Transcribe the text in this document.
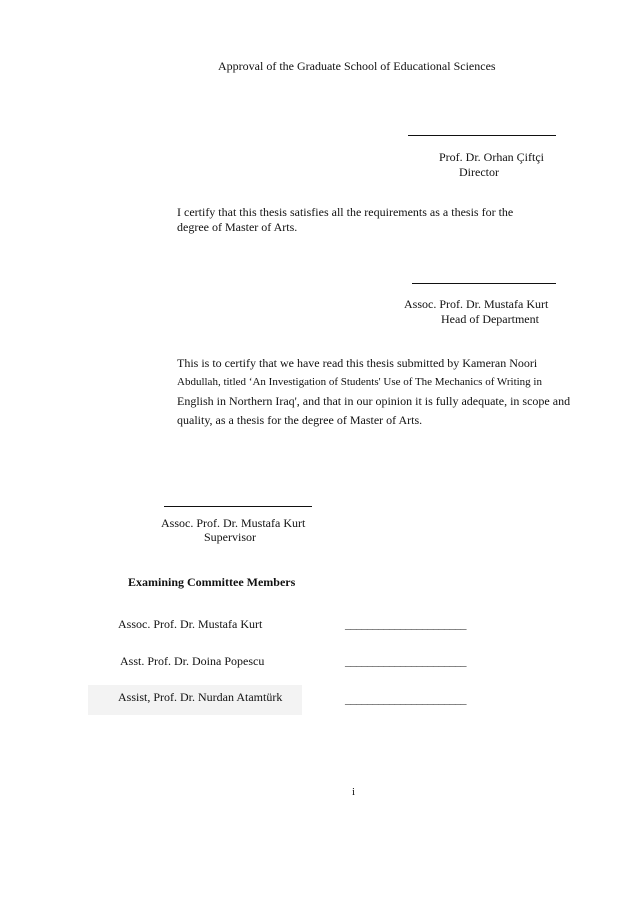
Approval of the Graduate School of Educational Sciences
Prof. Dr. Orhan Çiftçi
Director
I certify that this thesis satisfies all the requirements as a thesis for the
degree of Master of Arts.
Assoc. Prof. Dr. Mustafa Kurt
Head of Department
This is to certify that we have read this thesis submitted by Kameran Noori
Abdullah, titled ‘An Investigation of Students' Use of The Mechanics of Writing in
English in Northern Iraq', and that in our opinion it is fully adequate, in scope and
quality, as a thesis for the degree of Master of Arts.
Assoc. Prof. Dr. Mustafa Kurt
Supervisor
Examining Committee Members
Assoc. Prof. Dr. Mustafa Kurt	______________________
Asst. Prof. Dr. Doina Popescu	______________________
Assist, Prof. Dr. Nurdan Atamtürk	______________________
i
